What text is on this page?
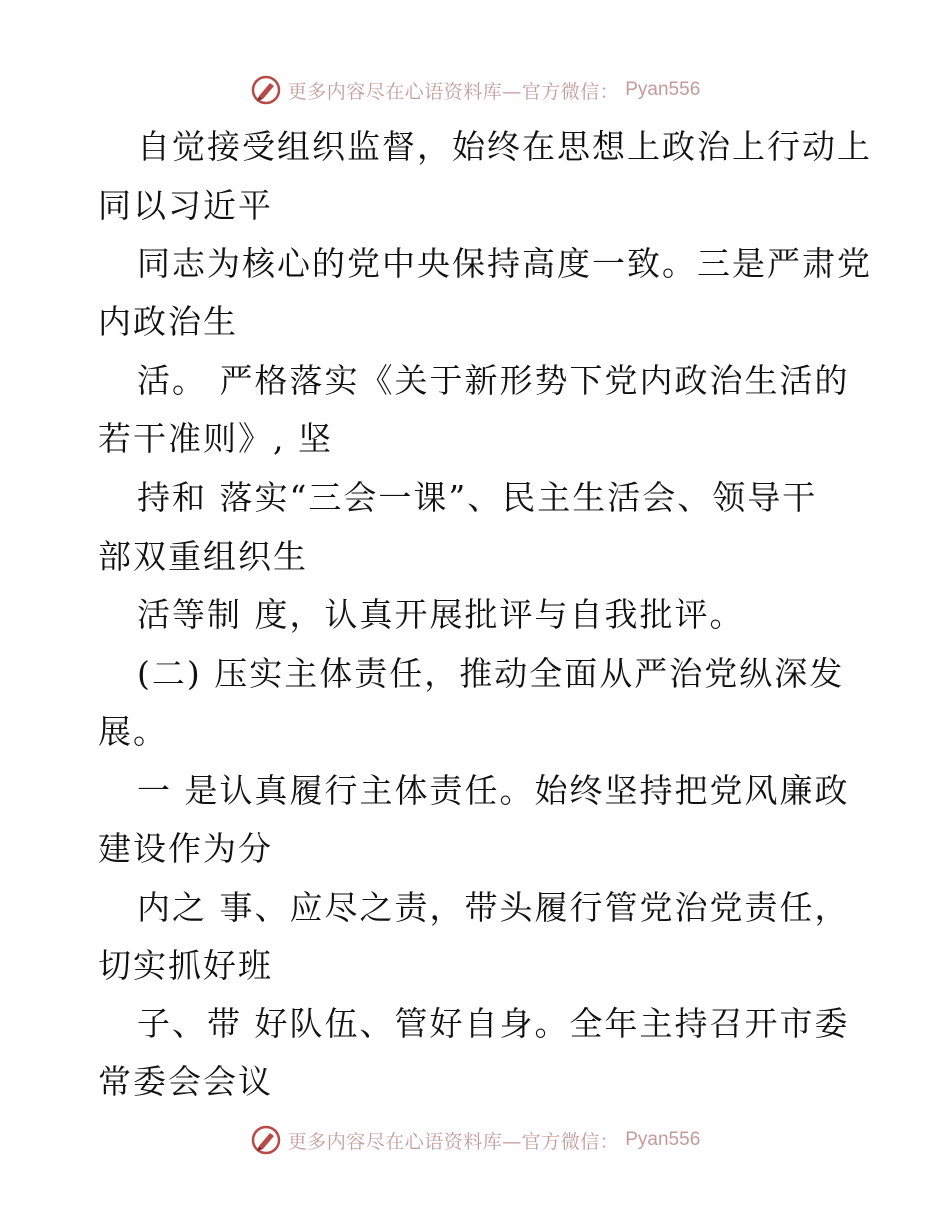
更多内容尽在心语资料库—官方微信： Pyan556
自觉接受组织监督，始终在思想上政治上行动上
同以习近平
同志为核心的党中央保持高度一致。三是严肃党
内政治生
活。 严格落实《关于新形势下党内政治生活的
若干准则》, 坚
持和 落实“三会一课”、民主生活会、领导干
部双重组织生
活等制 度，认真开展批评与自我批评。
(二) 压实主体责任，推动全面从严治党纵深发
展。
一 是认真履行主体责任。始终坚持把党风廉政
建设作为分
内之 事、应尽之责，带头履行管党治党责任，
切实抓好班
子、带 好队伍、管好自身。全年主持召开市委
常委会会议
更多内容尽在心语资料库—官方微信： Pyan556
